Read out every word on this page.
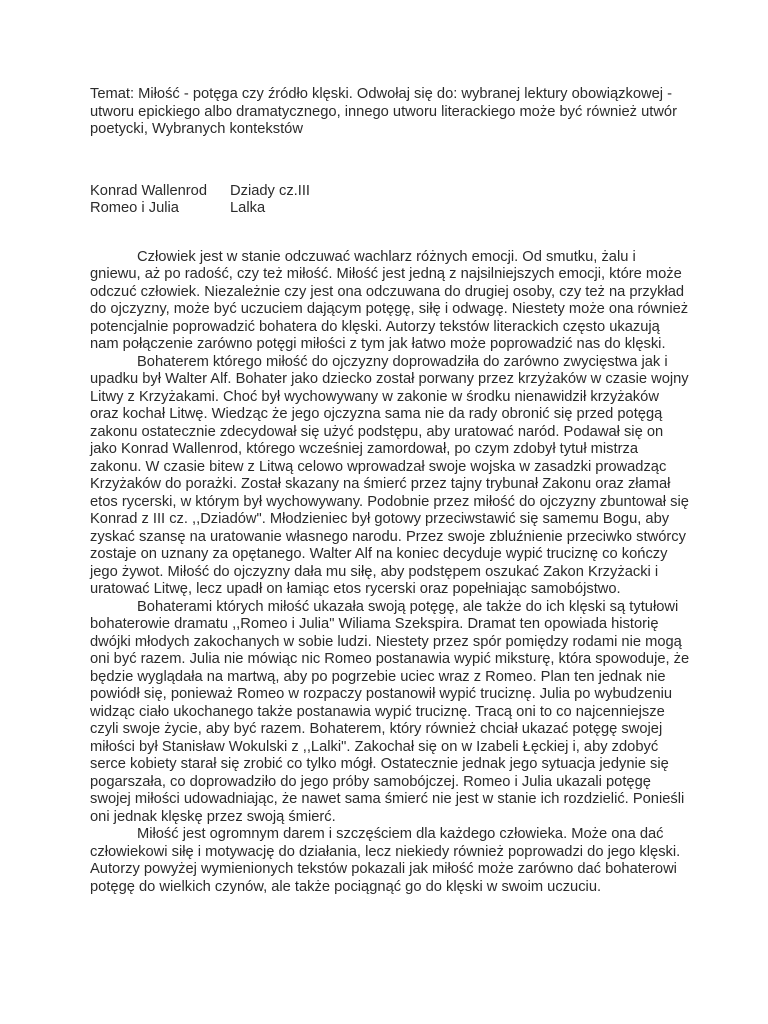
Temat: Miłość - potęga czy źródło klęski. Odwołaj się do: wybranej lektury obowiązkowej - utworu epickiego albo dramatycznego, innego utworu literackiego może być również utwór poetycki, Wybranych kontekstów

Konrad Wallenrod	Dziady cz.III
Romeo i Julia	Lalka

Człowiek jest w stanie odczuwać wachlarz różnych emocji. Od smutku, żalu i gniewu, aż po radość, czy też miłość. Miłość jest jedną z najsilniejszych emocji, które może odczuć człowiek. Niezależnie czy jest ona odczuwana do drugiej osoby, czy też na przykład do ojczyzny, może być uczuciem dającym potęgę, siłę i odwagę. Niestety może ona również potencjalnie poprowadzić bohatera do klęski. Autorzy tekstów literackich często ukazują nam połączenie zarówno potęgi miłości z tym jak łatwo może poprowadzić nas do klęski.

Bohaterem którego miłość do ojczyzny doprowadziła do zarówno zwycięstwa jak i upadku był Walter Alf. Bohater jako dziecko został porwany przez krzyżaków w czasie wojny Litwy z Krzyżakami. Choć był wychowywany w zakonie w środku nienawidził krzyżaków oraz kochał Litwę. Wiedząc że jego ojczyzna sama nie da rady obronić się przed potęgą zakonu ostatecznie zdecydował się użyć podstępu, aby uratować naród. Podawał się on jako Konrad Wallenrod, którego wcześniej zamordował, po czym zdobył tytuł mistrza zakonu. W czasie bitew z Litwą celowo wprowadzał swoje wojska w zasadzki prowadząc Krzyżaków do porażki. Został skazany na śmierć przez tajny trybunał Zakonu oraz złamał etos rycerski, w którym był wychowywany. Podobnie przez miłość do ojczyzny zbuntował się Konrad z III cz. ,,Dziadów". Młodzieniec był gotowy przeciwstawić się samemu Bogu, aby zyskać szansę na uratowanie własnego narodu. Przez swoje zbluźnienie przeciwko stwórcy zostaje on uznany za opętanego. Walter Alf na koniec decyduje wypić truciznę co kończy jego żywot. Miłość do ojczyzny dała mu siłę, aby podstępem oszukać Zakon Krzyżacki i uratować Litwę, lecz upadł on łamiąc etos rycerski oraz popełniając samobójstwo.

Bohaterami których miłość ukazała swoją potęgę, ale także do ich klęski są tytułowi bohaterowie dramatu ,,Romeo i Julia" Wiliama Szekspira. Dramat ten opowiada historię dwójki młodych zakochanych w sobie ludzi. Niestety przez spór pomiędzy rodami nie mogą oni być razem. Julia nie mówiąc nic Romeo postanawia wypić miksturę, która spowoduje, że będzie wyglądała na martwą, aby po pogrzebie uciec wraz z Romeo. Plan ten jednak nie powiódł się, ponieważ Romeo w rozpaczy postanowił wypić truciznę. Julia po wybudzeniu widząc ciało ukochanego także postanawia wypić truciznę. Tracą oni to co najcenniejsze czyli swoje życie, aby być razem. Bohaterem, który również chciał ukazać potęgę swojej miłości był Stanisław Wokulski z ,,Lalki". Zakochał się on w Izabeli Łęckiej i, aby zdobyć serce kobiety starał się zrobić co tylko mógł. Ostatecznie jednak jego sytuacja jedynie się pogarszała, co doprowadziło do jego próby samobójczej. Romeo i Julia ukazali potęgę swojej miłości udowadniając, że nawet sama śmierć nie jest w stanie ich rozdzielić. Ponieśli oni jednak klęskę przez swoją śmierć.

Miłość jest ogromnym darem i szczęściem dla każdego człowieka. Może ona dać człowiekowi siłę i motywację do działania, lecz niekiedy również poprowadzi do jego klęski. Autorzy powyżej wymienionych tekstów pokazali jak miłość może zarówno dać bohaterowi potęgę do wielkich czynów, ale także pociągnąć go do klęski w swoim uczuciu.
